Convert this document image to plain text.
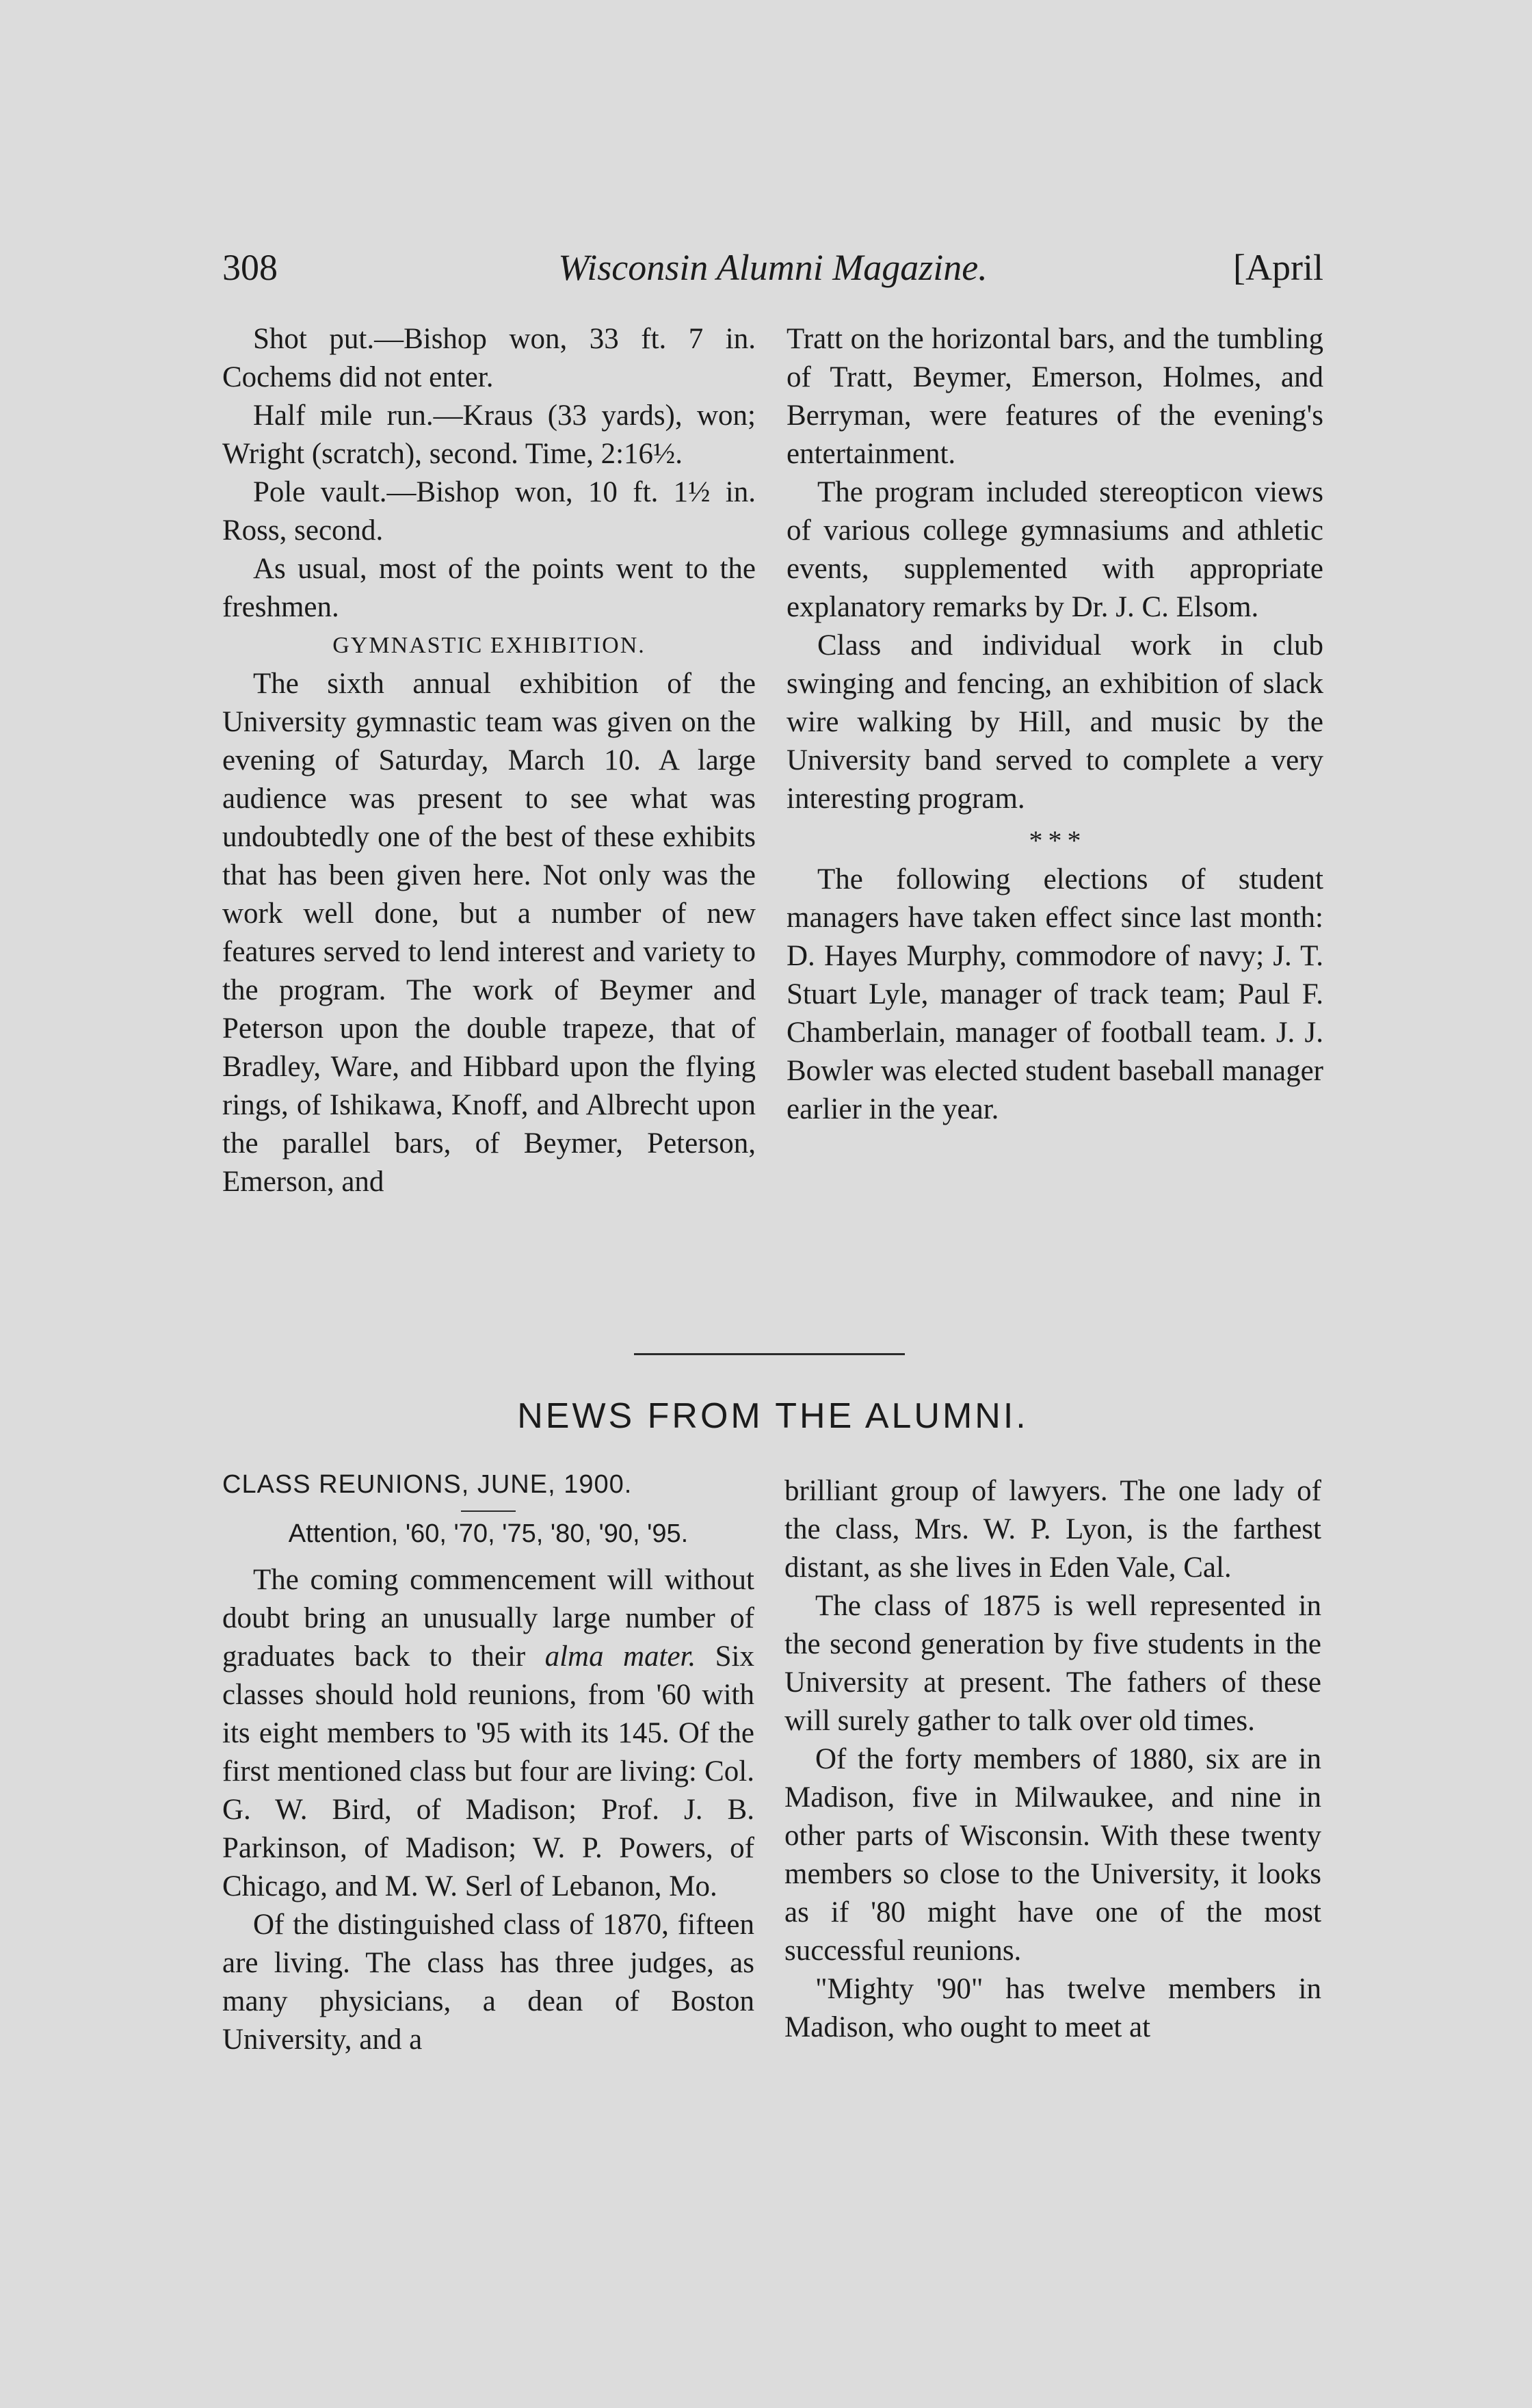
308	Wisconsin Alumni Magazine.	[April

Shot put.—Bishop won, 33 ft. 7 in. Cochems did not enter.

Half mile run.—Kraus (33 yards), won; Wright (scratch), second. Time, 2:16½.

Pole vault.—Bishop won, 10 ft. 1½ in. Ross, second.

As usual, most of the points went to the freshmen.

GYMNASTIC EXHIBITION.

The sixth annual exhibition of the University gymnastic team was given on the evening of Saturday, March 10. A large audience was present to see what was undoubtedly one of the best of these exhibits that has been given here. Not only was the work well done, but a number of new features served to lend interest and variety to the program. The work of Beymer and Peterson upon the double trapeze, that of Bradley, Ware, and Hibbard upon the flying rings, of Ishikawa, Knoff, and Albrecht upon the parallel bars, of Beymer, Peterson, Emerson, and

Tratt on the horizontal bars, and the tumbling of Tratt, Beymer, Emerson, Holmes, and Berryman, were features of the evening's entertainment.

The program included stereopticon views of various college gymnasiums and athletic events, supplemented with appropriate explanatory remarks by Dr. J. C. Elsom.

Class and individual work in club swinging and fencing, an exhibition of slack wire walking by Hill, and music by the University band served to complete a very interesting program.

* * *

The following elections of student managers have taken effect since last month: D. Hayes Murphy, commodore of navy; J. T. Stuart Lyle, manager of track team; Paul F. Chamberlain, manager of football team. J. J. Bowler was elected student baseball manager earlier in the year.

NEWS FROM THE ALUMNI.
CLASS REUNIONS, JUNE, 1900.
Attention, '60, '70, '75, '80, '90, '95.

The coming commencement will without doubt bring an unusually large number of graduates back to their alma mater. Six classes should hold reunions, from '60 with its eight members to '95 with its 145. Of the first mentioned class but four are living: Col. G. W. Bird, of Madison; Prof. J. B. Parkinson, of Madison; W. P. Powers, of Chicago, and M. W. Serl of Lebanon, Mo.

Of the distinguished class of 1870, fifteen are living. The class has three judges, as many physicians, a dean of Boston University, and a

brilliant group of lawyers. The one lady of the class, Mrs. W. P. Lyon, is the farthest distant, as she lives in Eden Vale, Cal.

The class of 1875 is well represented in the second generation by five students in the University at present. The fathers of these will surely gather to talk over old times.

Of the forty members of 1880, six are in Madison, five in Milwaukee, and nine in other parts of Wisconsin. With these twenty members so close to the University, it looks as if '80 might have one of the most successful reunions.

"Mighty '90" has twelve members in Madison, who ought to meet at
